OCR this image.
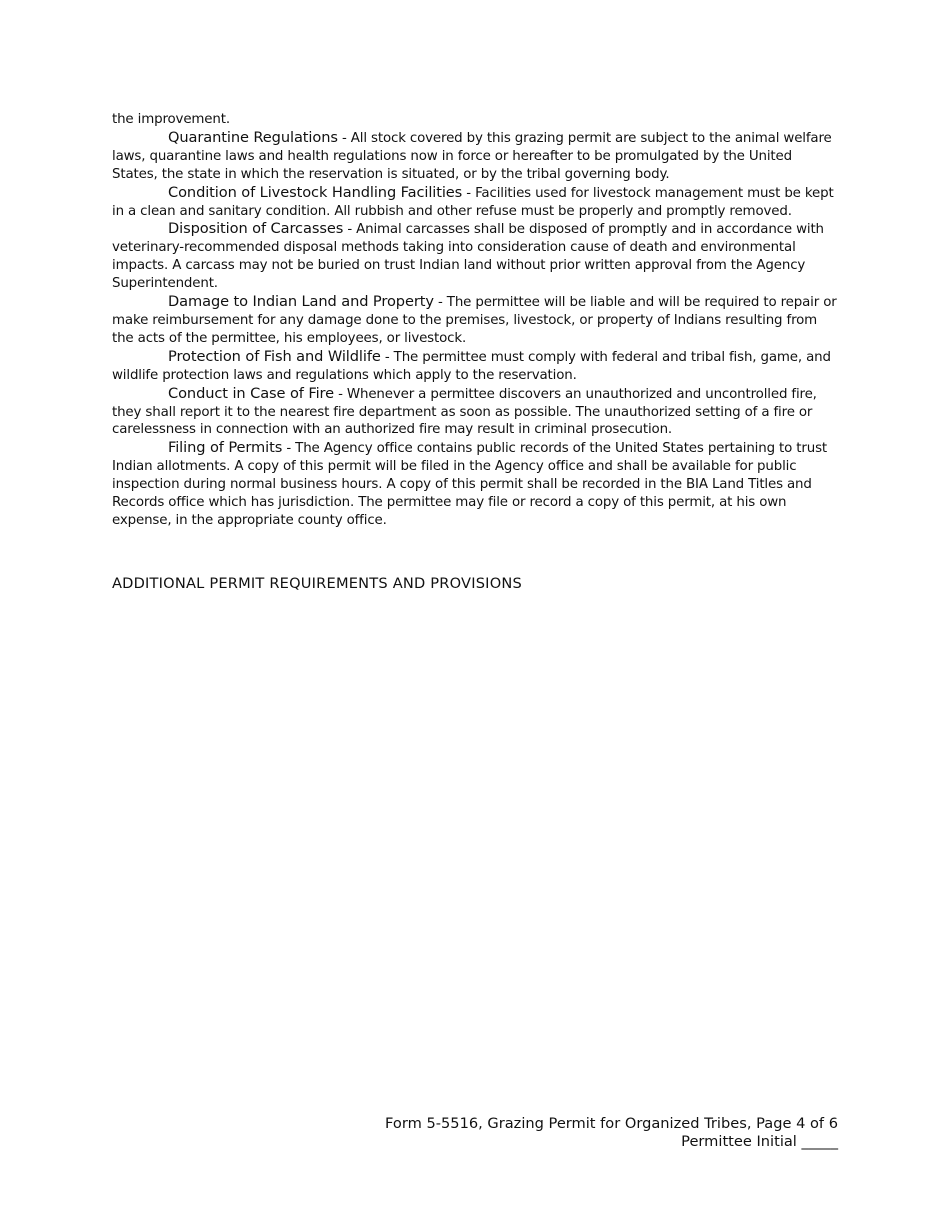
the improvement.

Quarantine Regulations - All stock covered by this grazing permit are subject to the animal welfare laws, quarantine laws and health regulations now in force or hereafter to be promulgated by the United States, the state in which the reservation is situated, or by the tribal governing body.

Condition of Livestock Handling Facilities - Facilities used for livestock management must be kept in a clean and sanitary condition. All rubbish and other refuse must be properly and promptly removed.

Disposition of Carcasses - Animal carcasses shall be disposed of promptly and in accordance with veterinary-recommended disposal methods taking into consideration cause of death and environmental impacts. A carcass may not be buried on trust Indian land without prior written approval from the Agency Superintendent.

Damage to Indian Land and Property - The permittee will be liable and will be required to repair or make reimbursement for any damage done to the premises, livestock, or property of Indians resulting from the acts of the permittee, his employees, or livestock.

Protection of Fish and Wildlife - The permittee must comply with federal and tribal fish, game, and wildlife protection laws and regulations which apply to the reservation.

Conduct in Case of Fire - Whenever a permittee discovers an unauthorized and uncontrolled fire, they shall report it to the nearest fire department as soon as possible. The unauthorized setting of a fire or carelessness in connection with an authorized fire may result in criminal prosecution.

Filing of Permits - The Agency office contains public records of the United States pertaining to trust Indian allotments. A copy of this permit will be filed in the Agency office and shall be available for public inspection during normal business hours. A copy of this permit shall be recorded in the BIA Land Titles and Records office which has jurisdiction. The permittee may file or record a copy of this permit, at his own expense, in the appropriate county office.

ADDITIONAL PERMIT REQUIREMENTS AND PROVISIONS
Form 5-5516, Grazing Permit for Organized Tribes, Page 4 of 6
Permittee Initial _____
